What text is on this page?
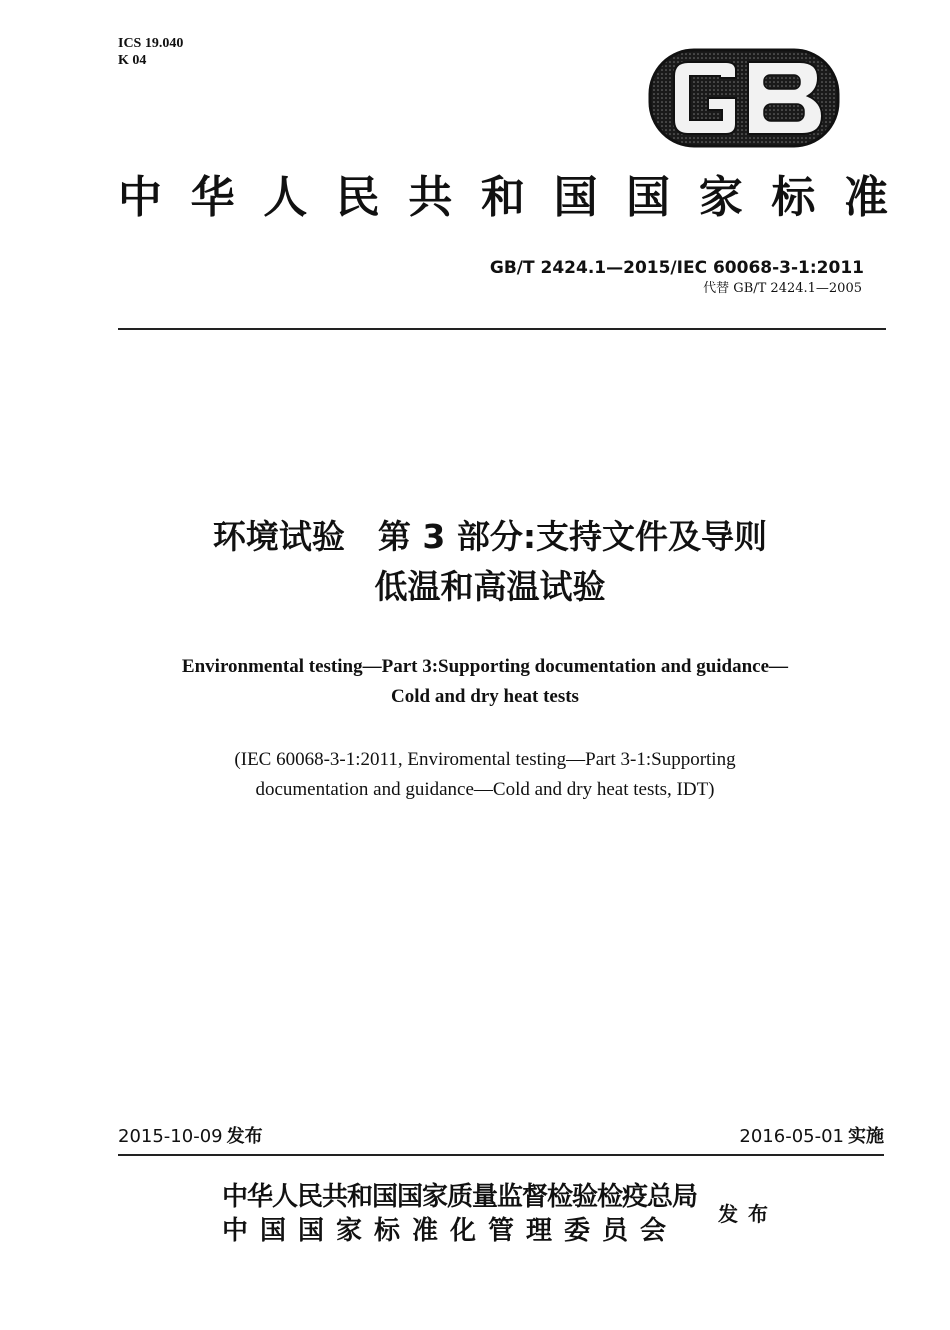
ICS 19.040
K 04
中 华 人 民 共 和 国 国 家 标 准
GB/T 2424.1—2015/IEC 60068-3-1:2011
代替 GB/T 2424.1—2005
环境试验　第 3 部分:支持文件及导则
低温和高温试验
Environmental testing—Part 3:Supporting documentation and guidance—
Cold and dry heat tests
(IEC 60068-3-1:2011, Enviromental testing—Part 3-1:Supporting
documentation and guidance—Cold and dry heat tests, IDT)
2015-10-09 发布	2016-05-01 实施
中华人民共和国国家质量监督检验检疫总局
中国国家标准化管理委员会
发布
